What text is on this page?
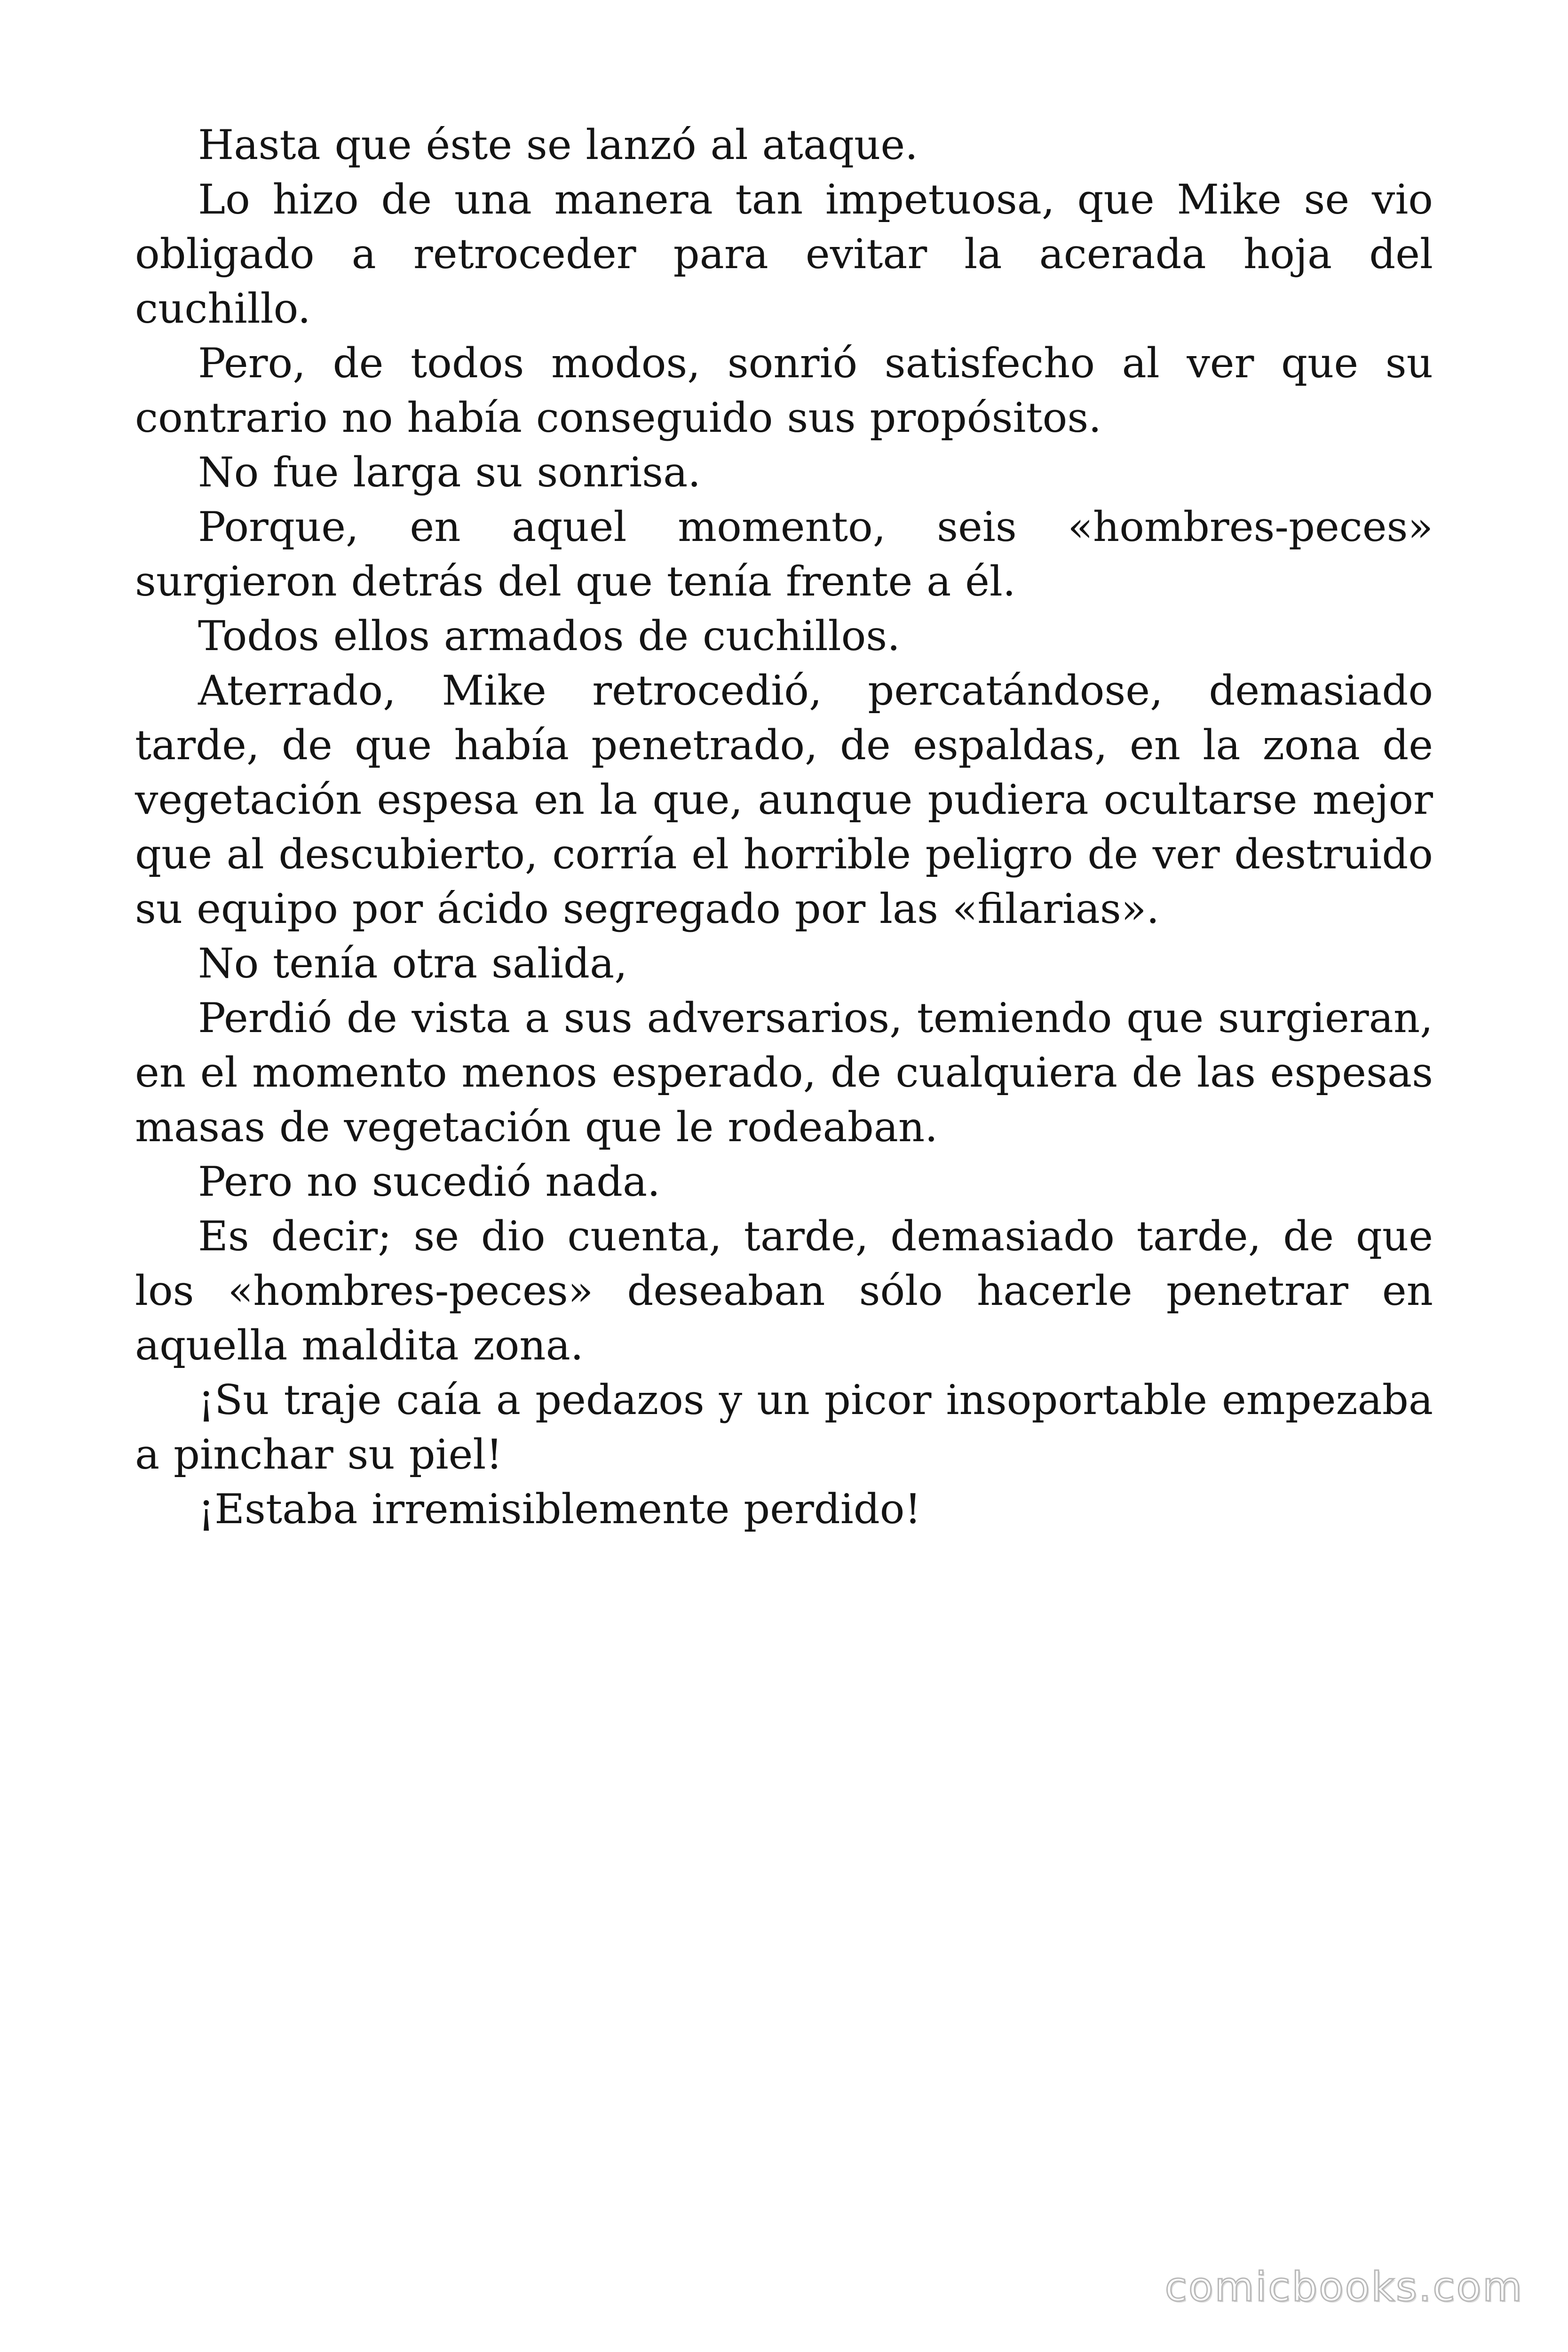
Hasta que éste se lanzó al ataque.

Lo hizo de una manera tan impetuosa, que Mike se vio obligado a retroceder para evitar la acerada hoja del cuchillo.

Pero, de todos modos, sonrió satisfecho al ver que su contrario no había conseguido sus propósitos.

No fue larga su sonrisa.

Porque, en aquel momento, seis «hombres-peces» surgieron detrás del que tenía frente a él.

Todos ellos armados de cuchillos.

Aterrado, Mike retrocedió, percatándose, demasiado tarde, de que había penetrado, de espaldas, en la zona de vegetación espesa en la que, aunque pudiera ocultarse mejor que al descubierto, corría el horrible peligro de ver destruido su equipo por ácido segregado por las «filarias».

No tenía otra salida,

Perdió de vista a sus adversarios, temiendo que surgieran, en el momento menos esperado, de cualquiera de las espesas masas de vegetación que le rodeaban.

Pero no sucedió nada.

Es decir; se dio cuenta, tarde, demasiado tarde, de que los «hombres-peces» deseaban sólo hacerle penetrar en aquella maldita zona.

¡Su traje caía a pedazos y un picor insoportable empezaba a pinchar su piel!

¡Estaba irremisiblemente perdido!

comicbooks.com
